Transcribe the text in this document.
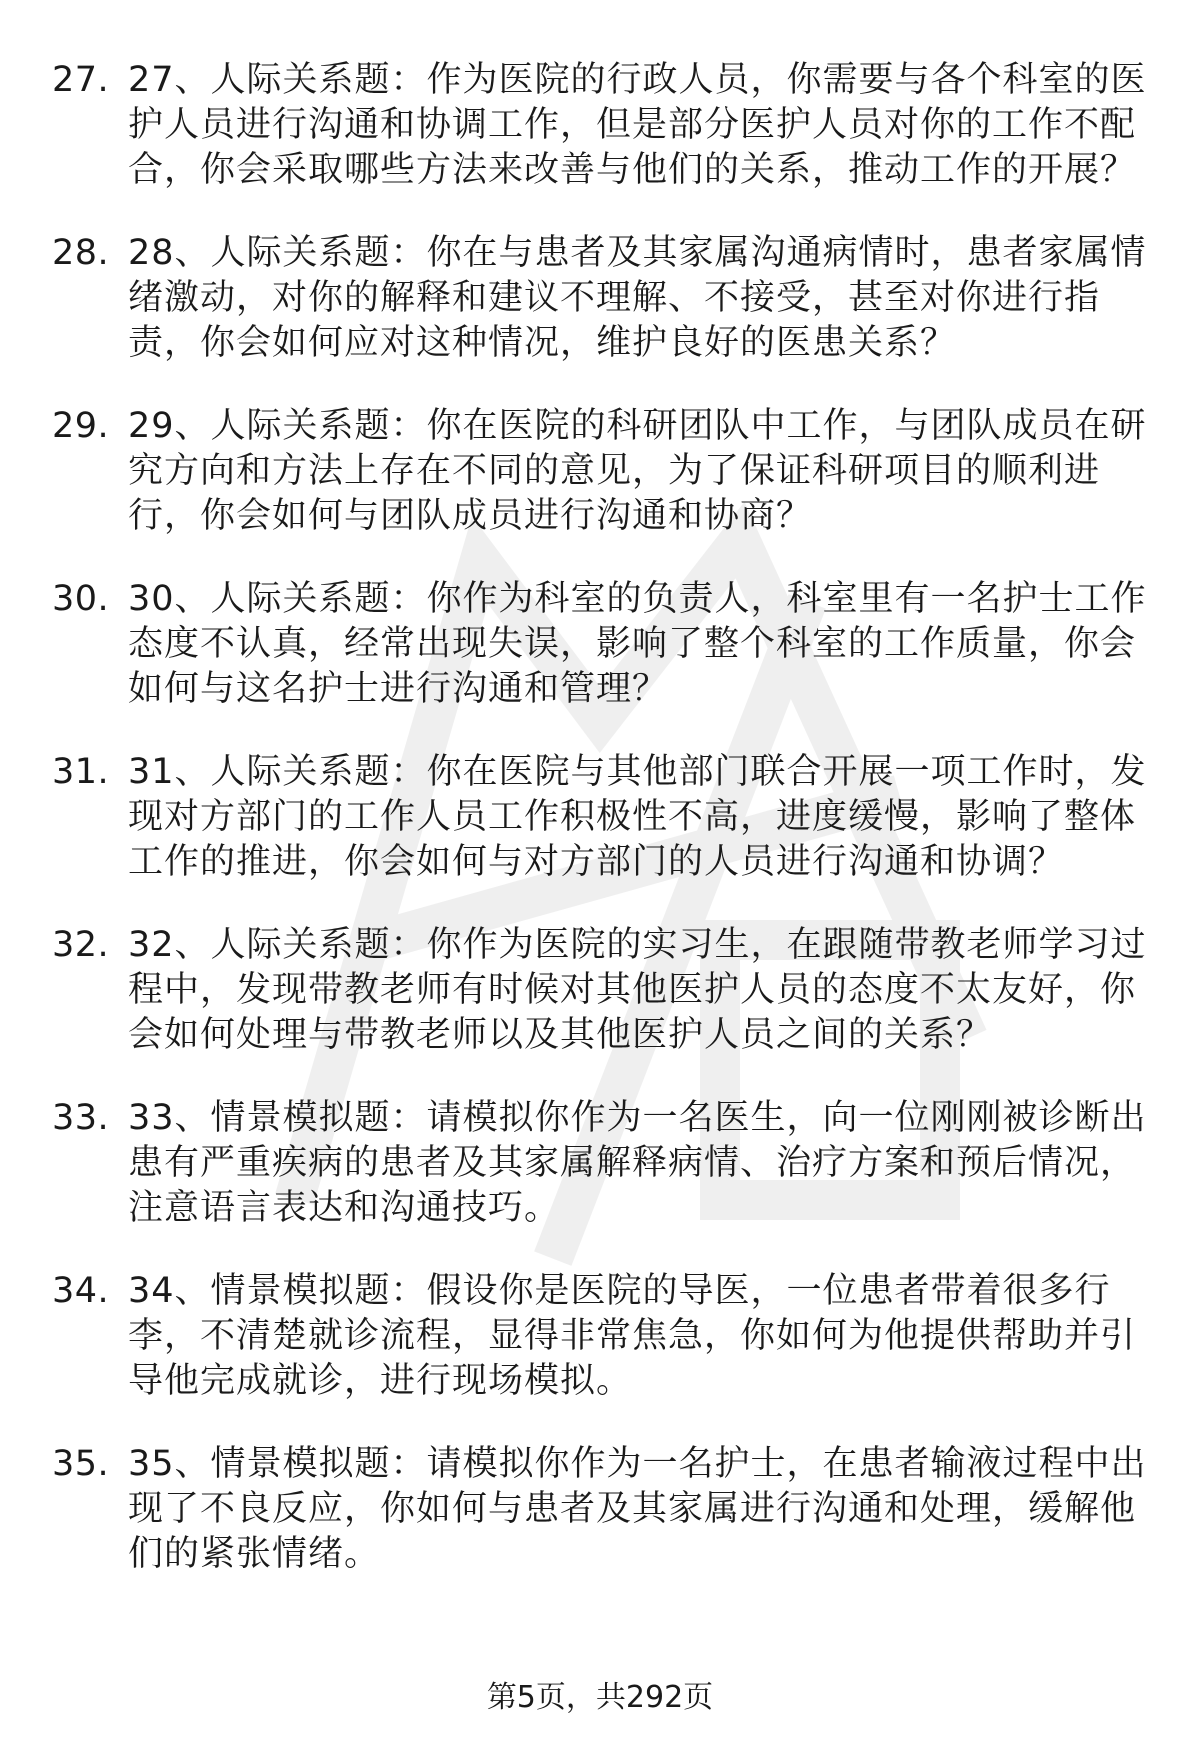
27. 27、人际关系题：作为医院的行政人员，你需要与各个科室的医护人员进行沟通和协调工作，但是部分医护人员对你的工作不配合，你会采取哪些方法来改善与他们的关系，推动工作的开展？
28. 28、人际关系题：你在与患者及其家属沟通病情时，患者家属情绪激动，对你的解释和建议不理解、不接受，甚至对你进行指责，你会如何应对这种情况，维护良好的医患关系？
29. 29、人际关系题：你在医院的科研团队中工作，与团队成员在研究方向和方法上存在不同的意见，为了保证科研项目的顺利进行，你会如何与团队成员进行沟通和协商？
30. 30、人际关系题：你作为科室的负责人，科室里有一名护士工作态度不认真，经常出现失误，影响了整个科室的工作质量，你会如何与这名护士进行沟通和管理？
31. 31、人际关系题：你在医院与其他部门联合开展一项工作时，发现对方部门的工作人员工作积极性不高，进度缓慢，影响了整体工作的推进，你会如何与对方部门的人员进行沟通和协调？
32. 32、人际关系题：你作为医院的实习生，在跟随带教老师学习过程中，发现带教老师有时候对其他医护人员的态度不太友好，你会如何处理与带教老师以及其他医护人员之间的关系？
33. 33、情景模拟题：请模拟你作为一名医生，向一位刚刚被诊断出患有严重疾病的患者及其家属解释病情、治疗方案和预后情况，注意语言表达和沟通技巧。
34. 34、情景模拟题：假设你是医院的导医，一位患者带着很多行李，不清楚就诊流程，显得非常焦急，你如何为他提供帮助并引导他完成就诊，进行现场模拟。
35. 35、情景模拟题：请模拟你作为一名护士，在患者输液过程中出现了不良反应，你如何与患者及其家属进行沟通和处理，缓解他们的紧张情绪。
第5页，共292页
